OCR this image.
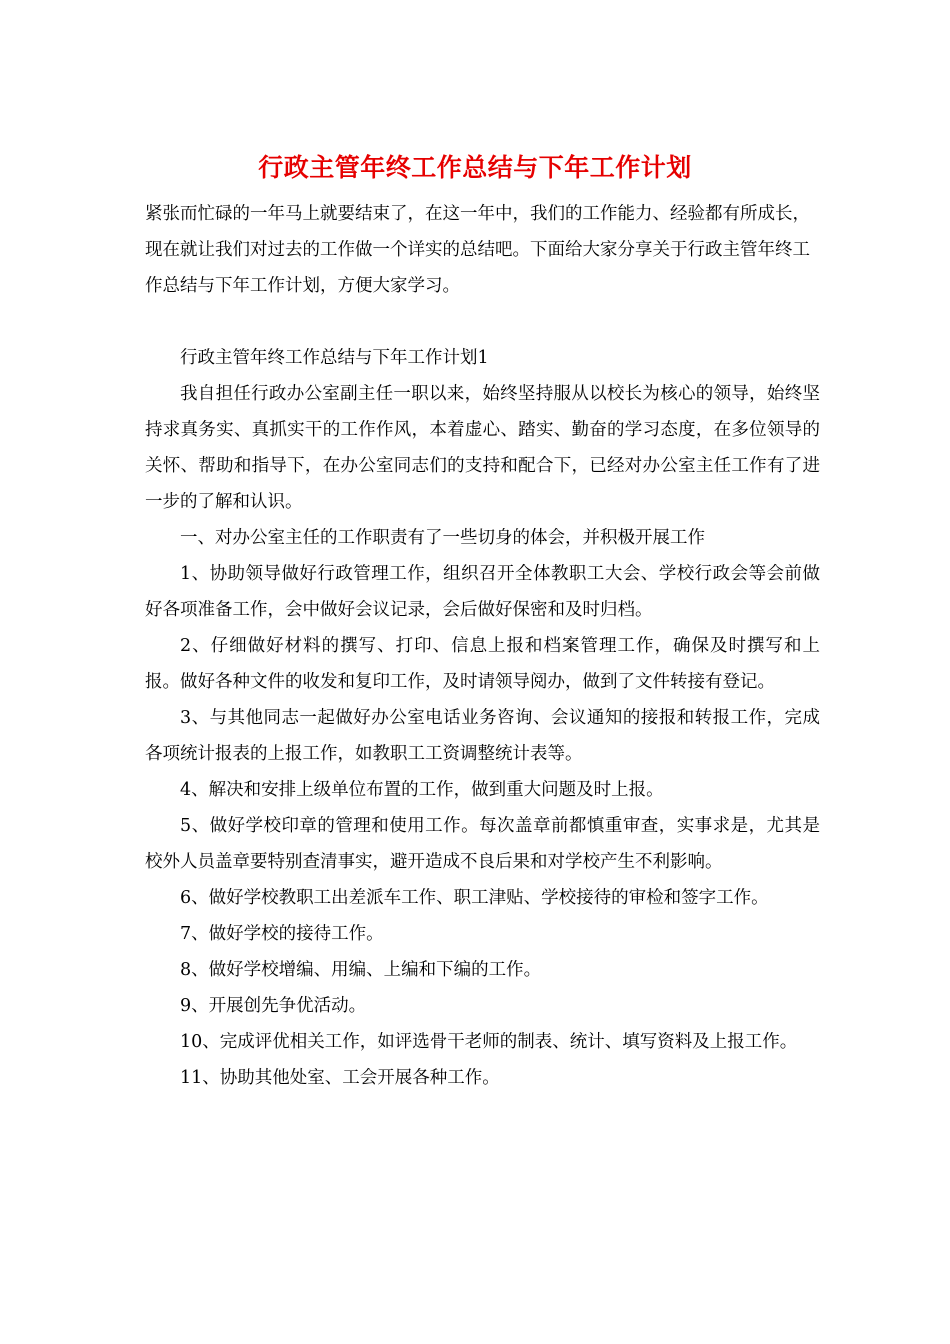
行政主管年终工作总结与下年工作计划

紧张而忙碌的一年马上就要结束了，在这一年中，我们的工作能力、经验都有所成长，现在就让我们对过去的工作做一个详实的总结吧。下面给大家分享关于行政主管年终工作总结与下年工作计划，方便大家学习。

行政主管年终工作总结与下年工作计划1

我自担任行政办公室副主任一职以来，始终坚持服从以校长为核心的领导，始终坚持求真务实、真抓实干的工作作风，本着虚心、踏实、勤奋的学习态度，在多位领导的关怀、帮助和指导下，在办公室同志们的支持和配合下，已经对办公室主任工作有了进一步的了解和认识。

一、对办公室主任的工作职责有了一些切身的体会，并积极开展工作

1、协助领导做好行政管理工作，组织召开全体教职工大会、学校行政会等会前做好各项准备工作，会中做好会议记录，会后做好保密和及时归档。

2、仔细做好材料的撰写、打印、信息上报和档案管理工作，确保及时撰写和上报。做好各种文件的收发和复印工作，及时请领导阅办，做到了文件转接有登记。

3、与其他同志一起做好办公室电话业务咨询、会议通知的接报和转报工作，完成各项统计报表的上报工作，如教职工工资调整统计表等。

4、解决和安排上级单位布置的工作，做到重大问题及时上报。

5、做好学校印章的管理和使用工作。每次盖章前都慎重审查，实事求是，尤其是校外人员盖章要特别查清事实，避开造成不良后果和对学校产生不利影响。

6、做好学校教职工出差派车工作、职工津贴、学校接待的审检和签字工作。

7、做好学校的接待工作。

8、做好学校增编、用编、上编和下编的工作。

9、开展创先争优活动。

10、完成评优相关工作，如评选骨干老师的制表、统计、填写资料及上报工作。

11、协助其他处室、工会开展各种工作。
